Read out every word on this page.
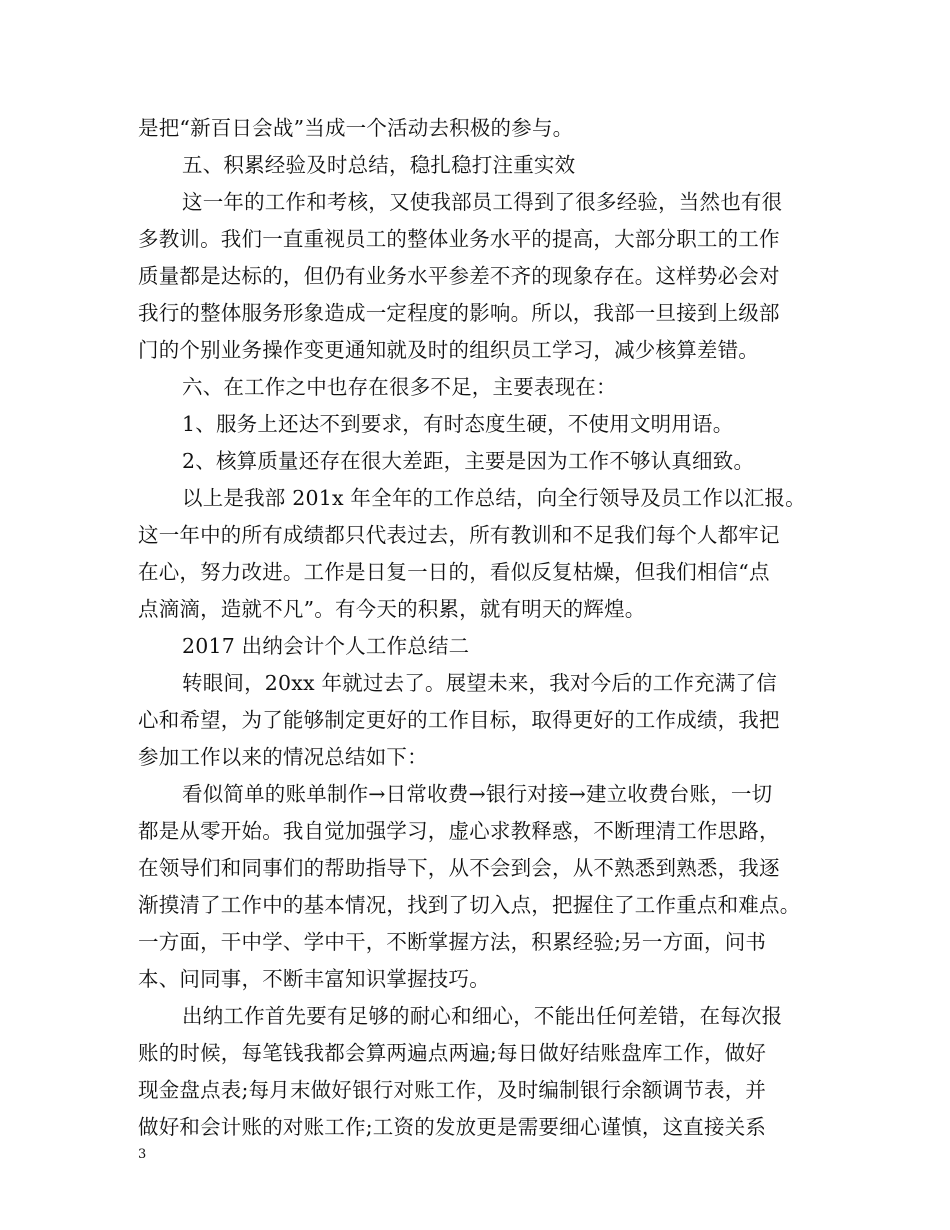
是把“新百日会战”当成一个活动去积极的参与。
五、积累经验及时总结，稳扎稳打注重实效
这一年的工作和考核，又使我部员工得到了很多经验，当然也有很
多教训。我们一直重视员工的整体业务水平的提高，大部分职工的工作
质量都是达标的，但仍有业务水平参差不齐的现象存在。这样势必会对
我行的整体服务形象造成一定程度的影响。所以，我部一旦接到上级部
门的个别业务操作变更通知就及时的组织员工学习，减少核算差错。
六、在工作之中也存在很多不足，主要表现在：
1、服务上还达不到要求，有时态度生硬，不使用文明用语。
2、核算质量还存在很大差距，主要是因为工作不够认真细致。
以上是我部 201x 年全年的工作总结，向全行领导及员工作以汇报。
这一年中的所有成绩都只代表过去，所有教训和不足我们每个人都牢记
在心，努力改进。工作是日复一日的，看似反复枯燥，但我们相信“点
点滴滴，造就不凡”。有今天的积累，就有明天的辉煌。
2017 出纳会计个人工作总结二
转眼间，20xx 年就过去了。展望未来，我对今后的工作充满了信
心和希望，为了能够制定更好的工作目标，取得更好的工作成绩，我把
参加工作以来的情况总结如下：
看似简单的账单制作→日常收费→银行对接→建立收费台账，一切
都是从零开始。我自觉加强学习，虚心求教释惑，不断理清工作思路，
在领导们和同事们的帮助指导下，从不会到会，从不熟悉到熟悉，我逐
渐摸清了工作中的基本情况，找到了切入点，把握住了工作重点和难点。
一方面，干中学、学中干，不断掌握方法，积累经验;另一方面，问书
本、问同事，不断丰富知识掌握技巧。
出纳工作首先要有足够的耐心和细心，不能出任何差错，在每次报
账的时候，每笔钱我都会算两遍点两遍;每日做好结账盘库工作，做好
现金盘点表;每月末做好银行对账工作，及时编制银行余额调节表，并
做好和会计账的对账工作;工资的发放更是需要细心谨慎，这直接关系
3
